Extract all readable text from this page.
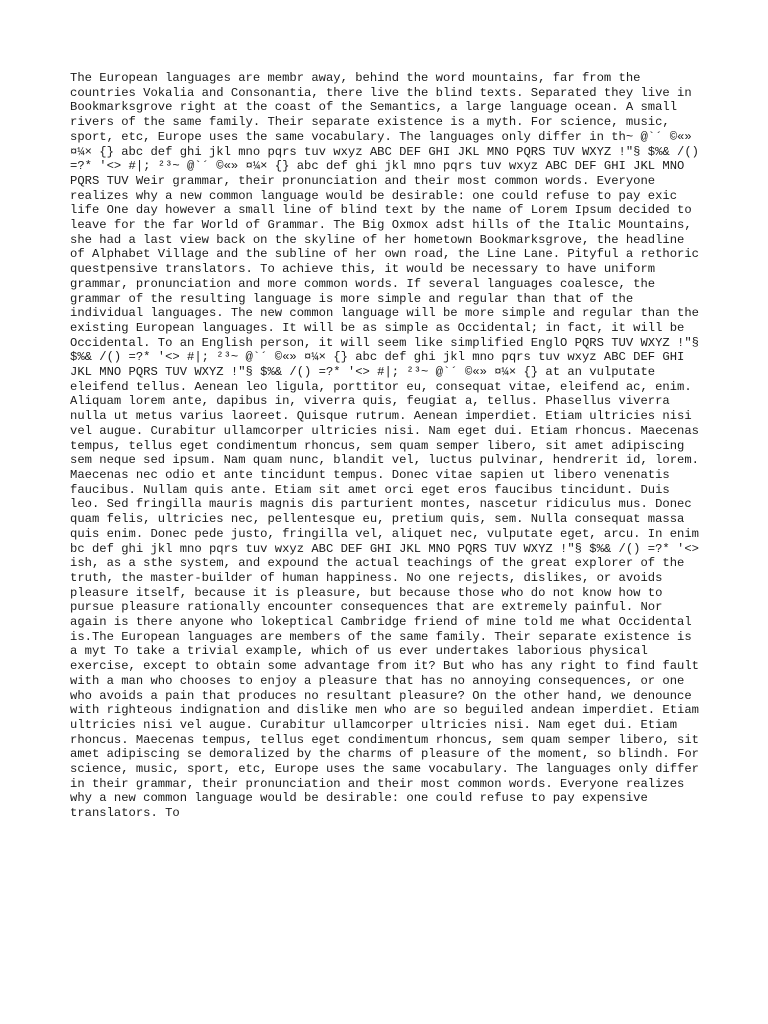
The European languages are membr away, behind the word mountains, far from the countries Vokalia and Consonantia, there live the blind texts. Separated they live in Bookmarksgrove right at the coast of the Semantics, a large language ocean. A small rivers of the same family. Their separate existence is a myth. For science, music, sport, etc, Europe uses the same vocabulary. The languages only differ in th~ @`´ ©«» ¤¼× {} abc def ghi jkl mno pqrs tuv wxyz ABC DEF GHI JKL MNO PQRS TUV WXYZ !"§ $%& /() =?* '<> #|; ²³~ @`´ ©«» ¤¼× {} abc def ghi jkl mno pqrs tuv wxyz ABC DEF GHI JKL MNO PQRS TUV Weir grammar, their pronunciation and their most common words. Everyone realizes why a new common language would be desirable: one could refuse to pay exic life One day however a small line of blind text by the name of Lorem Ipsum decided to leave for the far World of Grammar. The Big Oxmox adst hills of the Italic Mountains, she had a last view back on the skyline of her hometown Bookmarksgrove, the headline of Alphabet Village and the subline of her own road, the Line Lane. Pityful a rethoric questpensive translators. To achieve this, it would be necessary to have uniform grammar, pronunciation and more common words. If several languages coalesce, the grammar of the resulting language is more simple and regular than that of the individual languages. The new common language will be more simple and regular than the existing European languages. It will be as simple as Occidental; in fact, it will be Occidental. To an English person, it will seem like simplified EnglO PQRS TUV WXYZ !"§ $%& /() =?* '<> #|; ²³~ @`´ ©«» ¤¼× {} abc def ghi jkl mno pqrs tuv wxyz ABC DEF GHI JKL MNO PQRS TUV WXYZ !"§ $%& /() =?* '<> #|; ²³~ @`´ ©«» ¤¼× {} at an vulputate eleifend tellus. Aenean leo ligula, porttitor eu, consequat vitae, eleifend ac, enim. Aliquam lorem ante, dapibus in, viverra quis, feugiat a, tellus. Phasellus viverra nulla ut metus varius laoreet. Quisque rutrum. Aenean imperdiet. Etiam ultricies nisi vel augue. Curabitur ullamcorper ultricies nisi. Nam eget dui. Etiam rhoncus. Maecenas tempus, tellus eget condimentum rhoncus, sem quam semper libero, sit amet adipiscing sem neque sed ipsum. Nam quam nunc, blandit vel, luctus pulvinar, hendrerit id, lorem. Maecenas nec odio et ante tincidunt tempus. Donec vitae sapien ut libero venenatis faucibus. Nullam quis ante. Etiam sit amet orci eget eros faucibus tincidunt. Duis leo. Sed fringilla mauris magnis dis parturient montes, nascetur ridiculus mus. Donec quam felis, ultricies nec, pellentesque eu, pretium quis, sem. Nulla consequat massa quis enim. Donec pede justo, fringilla vel, aliquet nec, vulputate eget, arcu. In enim bc def ghi jkl mno pqrs tuv wxyz ABC DEF GHI JKL MNO PQRS TUV WXYZ !"§ $%& /() =?* '<> ish, as a sthe system, and expound the actual teachings of the great explorer of the truth, the master-builder of human happiness. No one rejects, dislikes, or avoids pleasure itself, because it is pleasure, but because those who do not know how to pursue pleasure rationally encounter consequences that are extremely painful. Nor again is there anyone who lokeptical Cambridge friend of mine told me what Occidental is.The European languages are members of the same family. Their separate existence is a myt To take a trivial example, which of us ever undertakes laborious physical exercise, except to obtain some advantage from it? But who has any right to find fault with a man who chooses to enjoy a pleasure that has no annoying consequences, or one who avoids a pain that produces no resultant pleasure? On the other hand, we denounce with righteous indignation and dislike men who are so beguiled andean imperdiet. Etiam ultricies nisi vel augue. Curabitur ullamcorper ultricies nisi. Nam eget dui. Etiam rhoncus. Maecenas tempus, tellus eget condimentum rhoncus, sem quam semper libero, sit amet adipiscing se demoralized by the charms of pleasure of the moment, so blindh. For science, music, sport, etc, Europe uses the same vocabulary. The languages only differ in their grammar, their pronunciation and their most common words. Everyone realizes why a new common language would be desirable: one could refuse to pay expensive translators. To
